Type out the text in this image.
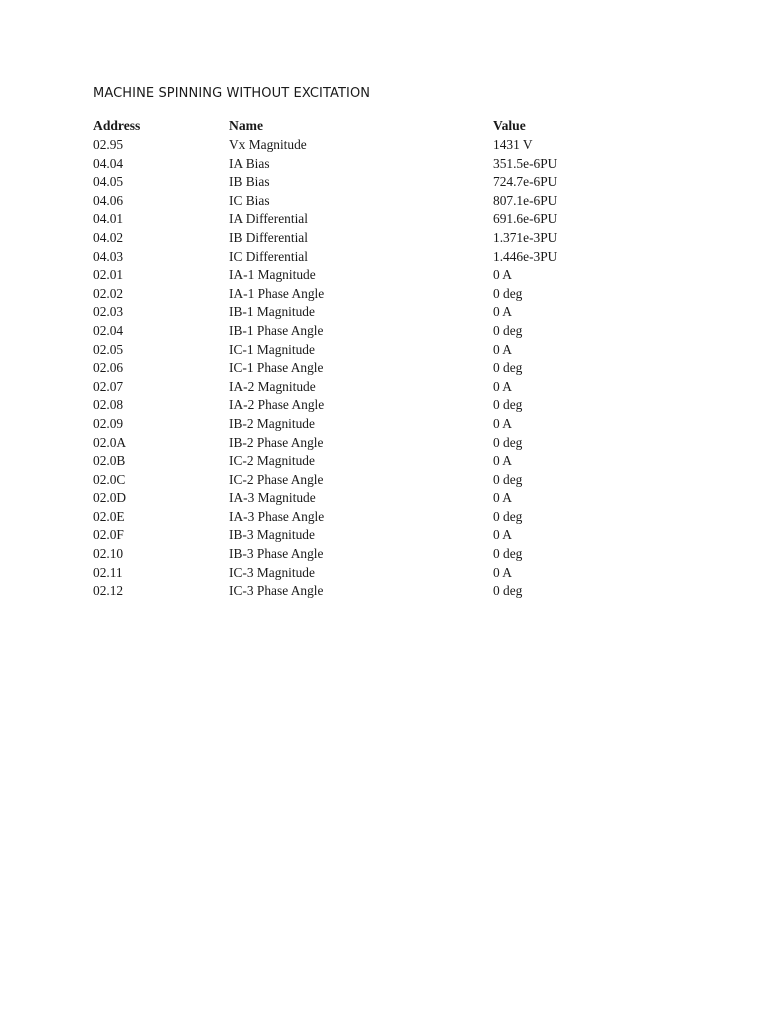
MACHINE SPINNING WITHOUT EXCITATION
Address	Name	Value
02.95	Vx Magnitude	1431 V
04.04	IA Bias	351.5e-6PU
04.05	IB Bias	724.7e-6PU
04.06	IC Bias	807.1e-6PU
04.01	IA Differential	691.6e-6PU
04.02	IB Differential	1.371e-3PU
04.03	IC Differential	1.446e-3PU
02.01	IA-1 Magnitude	0 A
02.02	IA-1 Phase Angle	0 deg
02.03	IB-1 Magnitude	0 A
02.04	IB-1 Phase Angle	0 deg
02.05	IC-1 Magnitude	0 A
02.06	IC-1 Phase Angle	0 deg
02.07	IA-2 Magnitude	0 A
02.08	IA-2 Phase Angle	0 deg
02.09	IB-2 Magnitude	0 A
02.0A	IB-2 Phase Angle	0 deg
02.0B	IC-2 Magnitude	0 A
02.0C	IC-2 Phase Angle	0 deg
02.0D	IA-3 Magnitude	0 A
02.0E	IA-3 Phase Angle	0 deg
02.0F	IB-3 Magnitude	0 A
02.10	IB-3 Phase Angle	0 deg
02.11	IC-3 Magnitude	0 A
02.12	IC-3 Phase Angle	0 deg
